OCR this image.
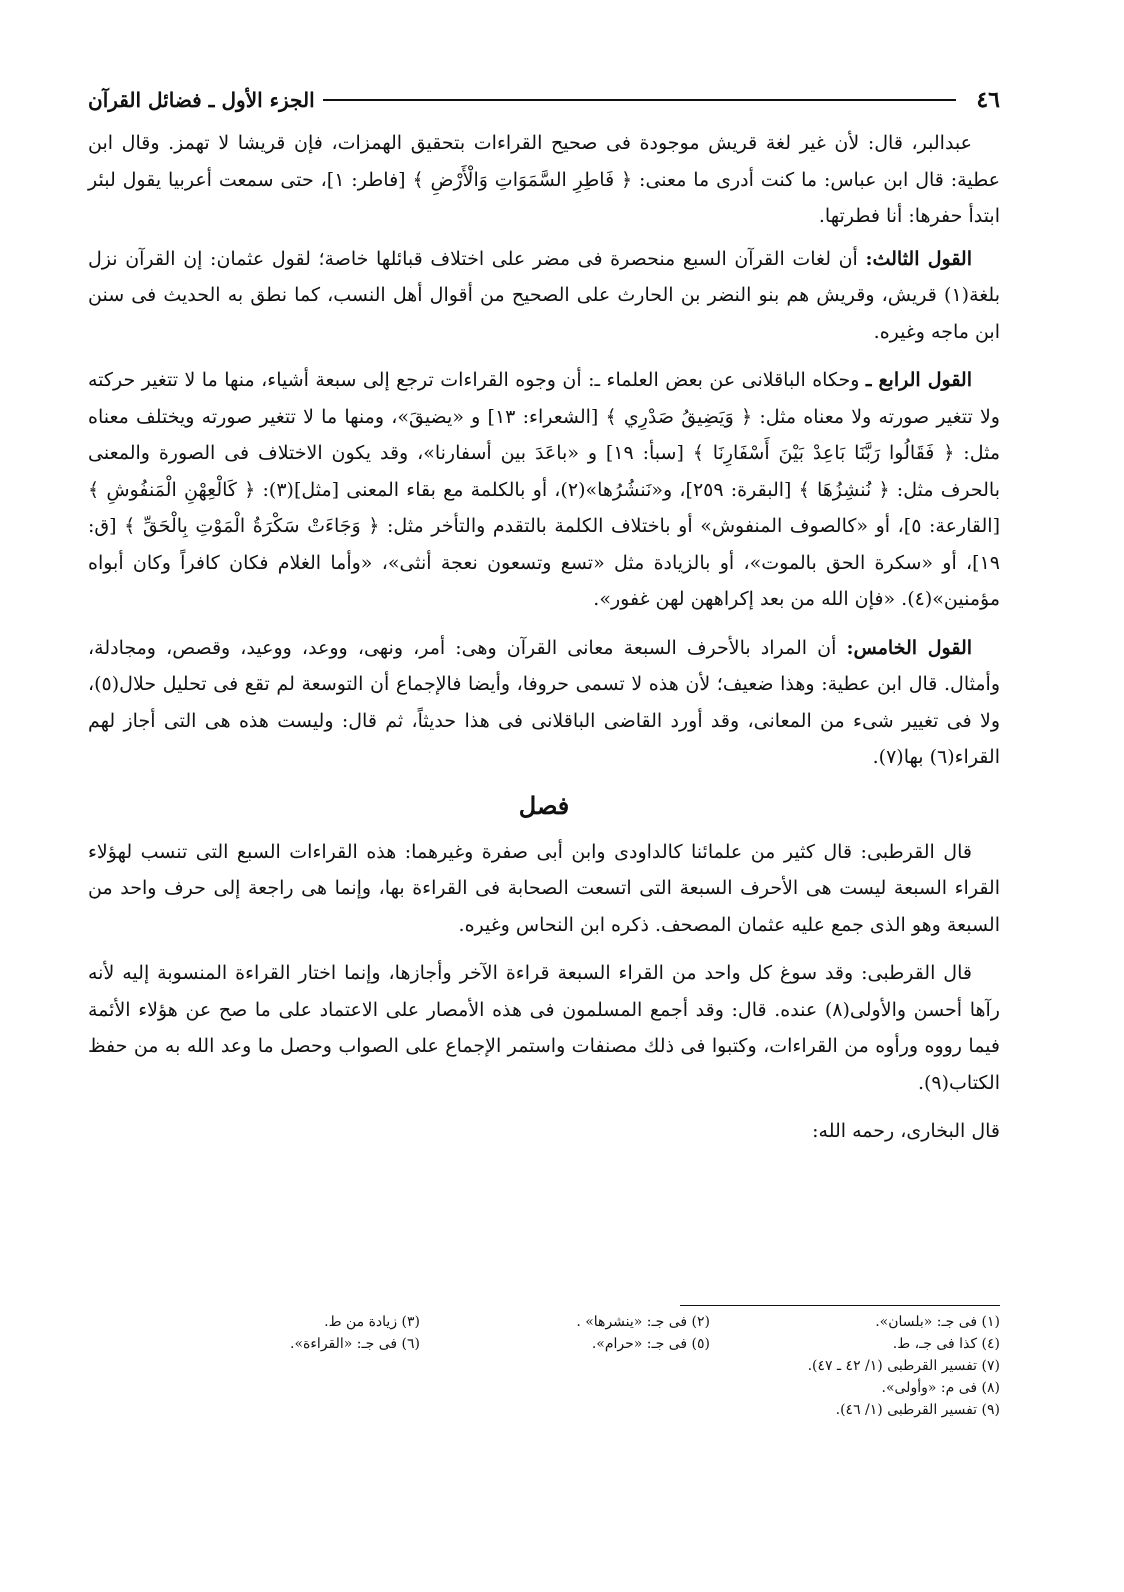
٤٦
الجزء الأول ـ فضائل القرآن

عبدالبر، قال: لأن غير لغة قريش موجودة فى صحيح القراءات بتحقيق الهمزات، فإن قريشا لا تهمز. وقال ابن عطية: قال ابن عباس: ما كنت أدرى ما معنى: ﴿ فَاطِرِ السَّمَوَاتِ وَالْأَرْضِ ﴾ [فاطر: ١]، حتى سمعت أعربيا يقول لبئر ابتدأ حفرها: أنا فطرتها.

القول الثالث: أن لغات القرآن السبع منحصرة فى مضر على اختلاف قبائلها خاصة؛ لقول عثمان: إن القرآن نزل بلغة(١) قريش، وقريش هم بنو النضر بن الحارث على الصحيح من أقوال أهل النسب، كما نطق به الحديث فى سنن ابن ماجه وغيره.

القول الرابع ـ وحكاه الباقلانى عن بعض العلماء ـ: أن وجوه القراءات ترجع إلى سبعة أشياء، منها ما لا تتغير حركته ولا تتغير صورته ولا معناه مثل: ﴿ وَيَضِيقُ صَدْرِي ﴾ [الشعراء: ١٣] و «يضيقَ»، ومنها ما لا تتغير صورته ويختلف معناه مثل: ﴿ فَقَالُوا رَبَّنَا بَاعِدْ بَيْنَ أَسْفَارِنَا ﴾ [سبأ: ١٩] و «باعَدَ بين أسفارنا»، وقد يكون الاختلاف فى الصورة والمعنى بالحرف مثل: ﴿ نُنشِزُهَا ﴾ [البقرة: ٢٥٩]، و«نَنشُرُها»(٢)، أو بالكلمة مع بقاء المعنى [مثل](٣): ﴿ كَالْعِهْنِ الْمَنفُوشِ ﴾ [القارعة: ٥]، أو «كالصوف المنفوش» أو باختلاف الكلمة بالتقدم والتأخر مثل: ﴿ وَجَاءَتْ سَكْرَةُ الْمَوْتِ بِالْحَقِّ ﴾ [ق: ١٩]، أو «سكرة الحق بالموت»، أو بالزيادة مثل «تسع وتسعون نعجة أنثى»، «وأما الغلام فكان كافراً وكان أبواه مؤمنين»(٤). «فإن الله من بعد إكراههن لهن غفور».

القول الخامس: أن المراد بالأحرف السبعة معانى القرآن وهى: أمر، ونهى، ووعد، ووعيد، وقصص، ومجادلة، وأمثال. قال ابن عطية: وهذا ضعيف؛ لأن هذه لا تسمى حروفا، وأيضا فالإجماع أن التوسعة لم تقع فى تحليل حلال(٥)، ولا فى تغيير شىء من المعانى، وقد أورد القاضى الباقلانى فى هذا حديثاً، ثم قال: وليست هذه هى التى أجاز لهم القراء(٦) بها(٧).

فصل

قال القرطبى: قال كثير من علمائنا كالداودى وابن أبى صفرة وغيرهما: هذه القراءات السبع التى تنسب لهؤلاء القراء السبعة ليست هى الأحرف السبعة التى اتسعت الصحابة فى القراءة بها، وإنما هى راجعة إلى حرف واحد من السبعة وهو الذى جمع عليه عثمان المصحف. ذكره ابن النحاس وغيره.

قال القرطبى: وقد سوغ كل واحد من القراء السبعة قراءة الآخر وأجازها، وإنما اختار القراءة المنسوبة إليه لأنه رآها أحسن والأولى(٨) عنده. قال: وقد أجمع المسلمون فى هذه الأمصار على الاعتماد على ما صح عن هؤلاء الأئمة فيما رووه ورأوه من القراءات، وكتبوا فى ذلك مصنفات واستمر الإجماع على الصواب وحصل ما وعد الله به من حفظ الكتاب(٩).

قال البخارى، رحمه الله:

(١) فى جـ: «بلسان».
(٢) فى جـ: «ينشرها» .
(٣) زيادة من ط.
(٤) كذا فى جـ، ط.
(٥) فى جـ: «حرام».
(٦) فى جـ: «القراءة».
(٧) تفسير القرطبى (١/ ٤٢ ـ ٤٧).
(٨) فى م: «وأولى».
(٩) تفسير القرطبى (١/ ٤٦).
